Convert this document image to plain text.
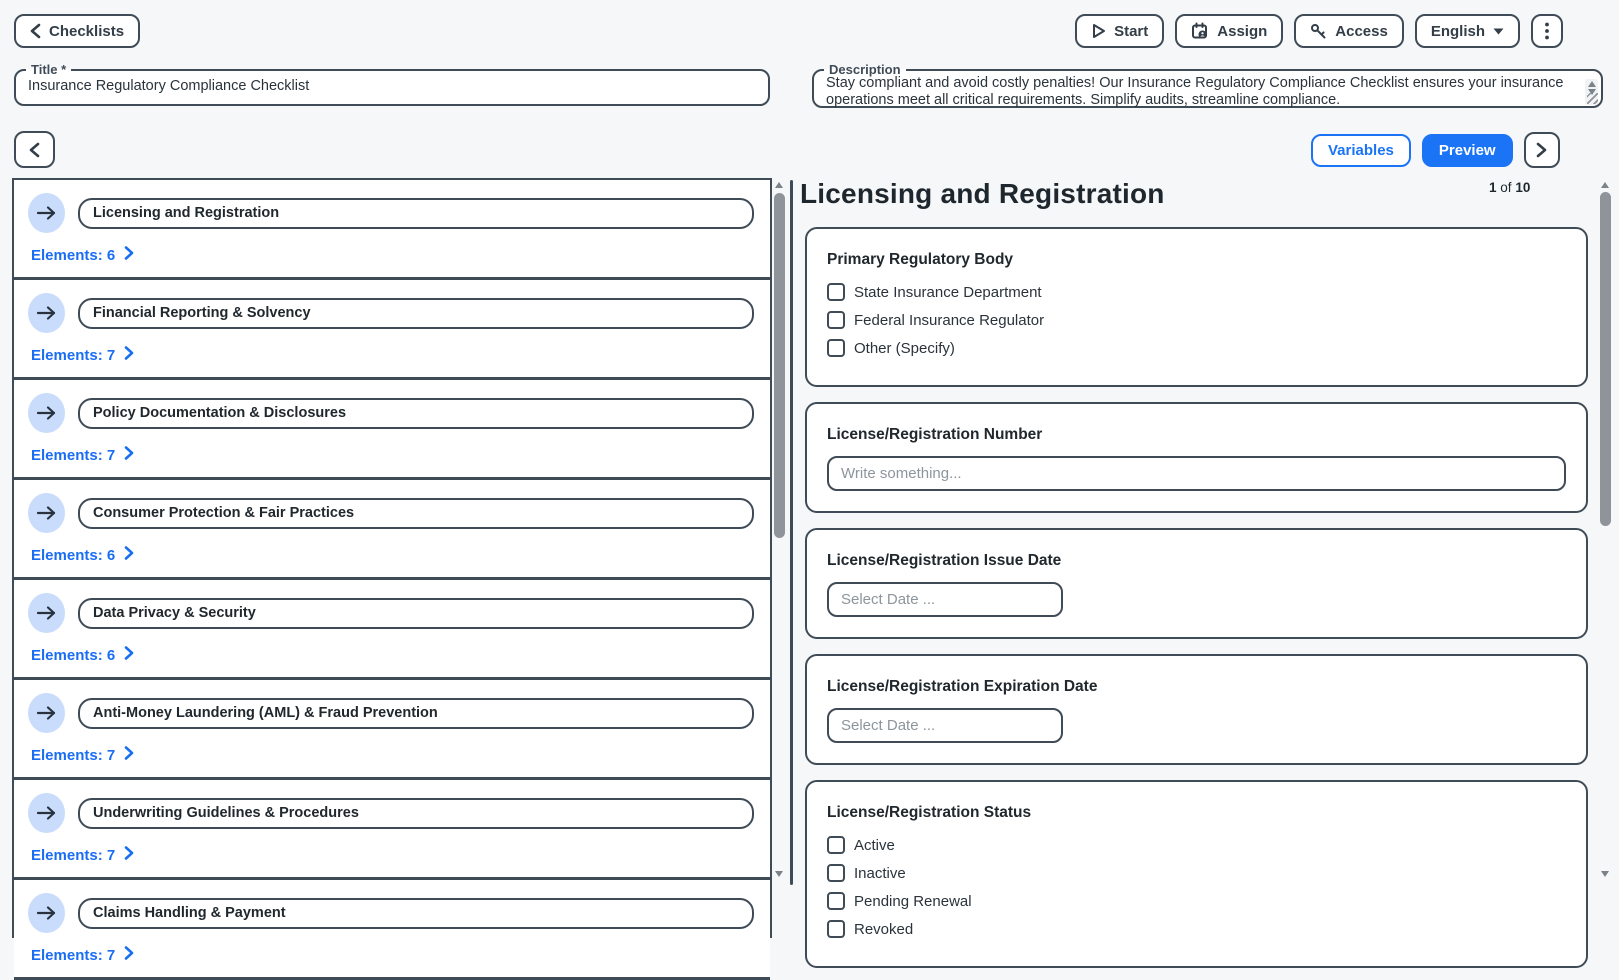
Checklists	Start	Assign	Access	English
Title *
Insurance Regulatory Compliance Checklist	Description
Stay compliant and avoid costly penalties! Our Insurance Regulatory Compliance Checklist ensures your insurance operations meet all critical requirements. Simplify audits, streamline compliance.
Variables	Preview
Licensing and Registration
Elements: 6
Financial Reporting & Solvency
Elements: 7
Policy Documentation & Disclosures
Elements: 7
Consumer Protection & Fair Practices
Elements: 6
Data Privacy & Security
Elements: 6
Anti-Money Laundering (AML) & Fraud Prevention
Elements: 7
Underwriting Guidelines & Procedures
Elements: 7
Claims Handling & Payment
Elements: 7
Licensing and Registration	1 of 10
Primary Regulatory Body
State Insurance Department
Federal Insurance Regulator
Other (Specify)
License/Registration Number
Write something...
License/Registration Issue Date
Select Date ...
License/Registration Expiration Date
Select Date ...
License/Registration Status
Active
Inactive
Pending Renewal
Revoked
